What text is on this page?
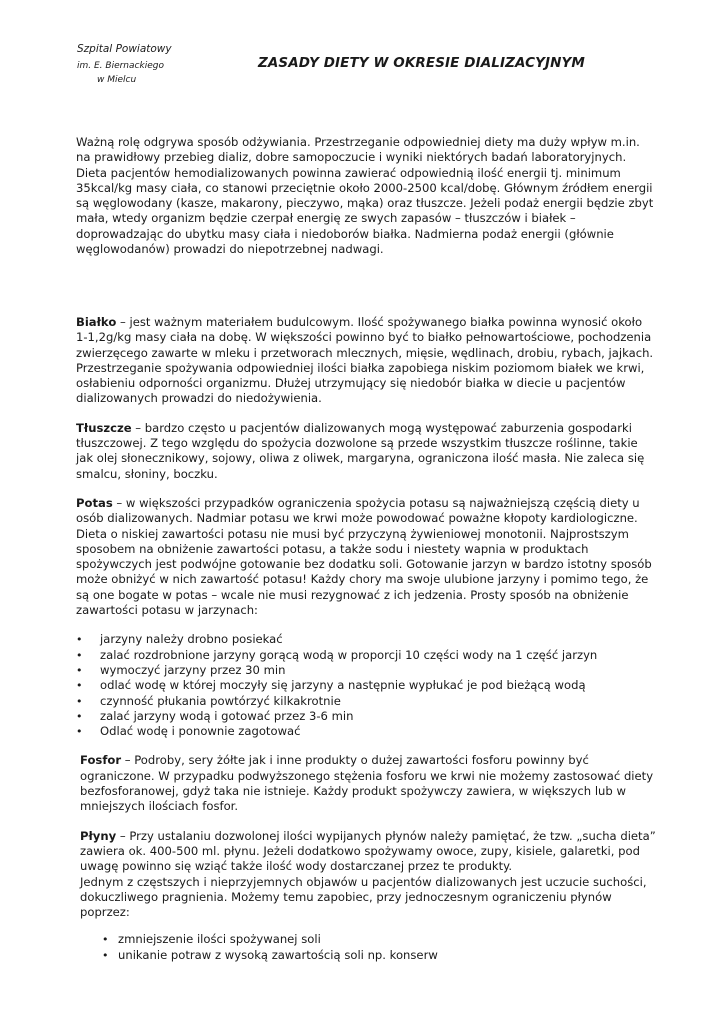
Szpital Powiatowy
im. E. Biernackiego
w Mielcu
ZASADY DIETY W OKRESIE DIALIZACYJNYM

Ważną rolę odgrywa sposób odżywiania. Przestrzeganie odpowiedniej diety ma duży wpływ m.in. na prawidłowy przebieg dializ, dobre samopoczucie i wyniki niektórych badań laboratoryjnych. Dieta pacjentów hemodializowanych powinna zawierać odpowiednią ilość energii tj. minimum 35kcal/kg masy ciała, co stanowi przeciętnie około 2000-2500 kcal/dobę. Głównym źródłem energii są węglowodany (kasze, makarony, pieczywo, mąka) oraz tłuszcze. Jeżeli podaż energii będzie zbyt mała, wtedy organizm będzie czerpał energię ze swych zapasów – tłuszczów i białek – doprowadzając do ubytku masy ciała i niedoborów białka. Nadmierna podaż energii (głównie węglowodanów) prowadzi do niepotrzebnej nadwagi.

Białko – jest ważnym materiałem budulcowym. Ilość spożywanego białka powinna wynosić około 1-1,2g/kg masy ciała na dobę. W większości powinno być to białko pełnowartościowe, pochodzenia zwierzęcego zawarte w mleku i przetworach mlecznych, mięsie, wędlinach, drobiu, rybach, jajkach. Przestrzeganie spożywania odpowiedniej ilości białka zapobiega niskim poziomom białek we krwi, osłabieniu odporności organizmu. Dłużej utrzymujący się niedobór białka w diecie u pacjentów dializowanych prowadzi do niedożywienia.

Tłuszcze – bardzo często u pacjentów dializowanych mogą występować zaburzenia gospodarki tłuszczowej. Z tego względu do spożycia dozwolone są przede wszystkim tłuszcze roślinne, takie jak olej słonecznikowy, sojowy, oliwa z oliwek, margaryna, ograniczona ilość masła. Nie zaleca się smalcu, słoniny, boczku.

Potas – w większości przypadków ograniczenia spożycia potasu są najważniejszą częścią diety u osób dializowanych. Nadmiar potasu we krwi może powodować poważne kłopoty kardiologiczne. Dieta o niskiej zawartości potasu nie musi być przyczyną żywieniowej monotonii. Najprostszym sposobem na obniżenie zawartości potasu, a także sodu i niestety wapnia w produktach spożywczych jest podwójne gotowanie bez dodatku soli. Gotowanie jarzyn w bardzo istotny sposób może obniżyć w nich zawartość potasu! Każdy chory ma swoje ulubione jarzyny i pomimo tego, że są one bogate w potas – wcale nie musi rezygnować z ich jedzenia. Prosty sposób na obniżenie zawartości potasu w jarzynach:

• jarzyny należy drobno posiekać
• zalać rozdrobnione jarzyny gorącą wodą w proporcji 10 części wody na 1 część jarzyn
• wymoczyć jarzyny przez 30 min
• odlać wodę w której moczyły się jarzyny a następnie wypłukać je pod bieżącą wodą
• czynność płukania powtórzyć kilkakrotnie
• zalać jarzyny wodą i gotować przez 3-6 min
• Odlać wodę i ponownie zagotować

Fosfor – Podroby, sery żółte jak i inne produkty o dużej zawartości fosforu powinny być ograniczone. W przypadku podwyższonego stężenia fosforu we krwi nie możemy zastosować diety bezfosforanowej, gdyż taka nie istnieje. Każdy produkt spożywczy zawiera, w większych lub w mniejszych ilościach fosfor.

Płyny – Przy ustalaniu dozwolonej ilości wypijanych płynów należy pamiętać, że tzw. „sucha dieta” zawiera ok. 400-500 ml. płynu. Jeżeli dodatkowo spożywamy owoce, zupy, kisiele, galaretki, pod uwagę powinno się wziąć także ilość wody dostarczanej przez te produkty.

Jednym z częstszych i nieprzyjemnych objawów u pacjentów dializowanych jest uczucie suchości, dokuczliwego pragnienia. Możemy temu zapobiec, przy jednoczesnym ograniczeniu płynów poprzez:

• zmniejszenie ilości spożywanej soli
• unikanie potraw z wysoką zawartością soli np. konserw
